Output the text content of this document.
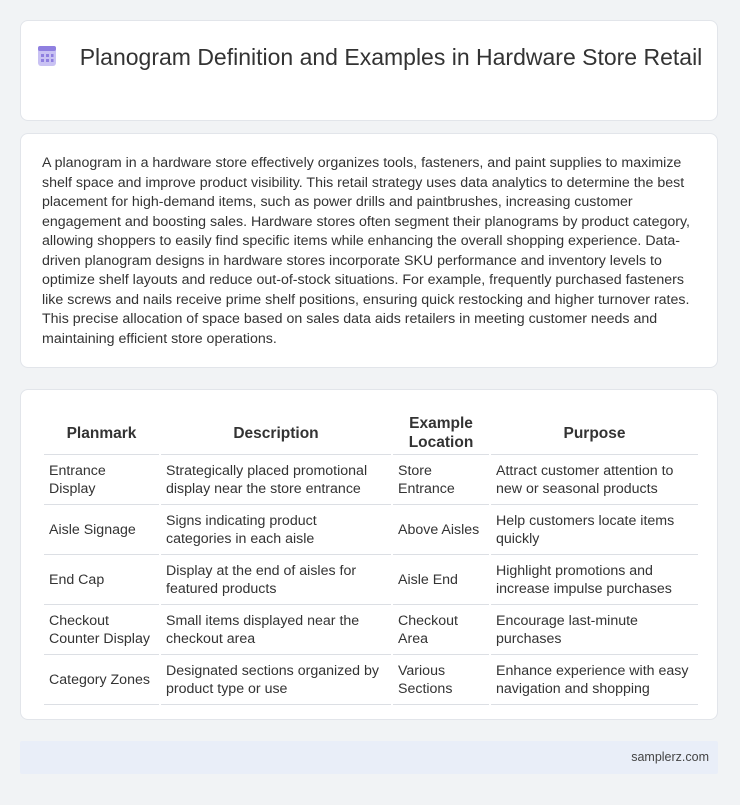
Planogram Definition and Examples in Hardware Store Retail

A planogram in a hardware store effectively organizes tools, fasteners, and paint supplies to maximize shelf space and improve product visibility. This retail strategy uses data analytics to determine the best placement for high-demand items, such as power drills and paintbrushes, increasing customer engagement and boosting sales. Hardware stores often segment their planograms by product category, allowing shoppers to easily find specific items while enhancing the overall shopping experience. Data-driven planogram designs in hardware stores incorporate SKU performance and inventory levels to optimize shelf layouts and reduce out-of-stock situations. For example, frequently purchased fasteners like screws and nails receive prime shelf positions, ensuring quick restocking and higher turnover rates. This precise allocation of space based on sales data aids retailers in meeting customer needs and maintaining efficient store operations.

Planmark	Description	Example Location	Purpose
Entrance Display	Strategically placed promotional display near the store entrance	Store Entrance	Attract customer attention to new or seasonal products
Aisle Signage	Signs indicating product categories in each aisle	Above Aisles	Help customers locate items quickly
End Cap	Display at the end of aisles for featured products	Aisle End	Highlight promotions and increase impulse purchases
Checkout Counter Display	Small items displayed near the checkout area	Checkout Area	Encourage last-minute purchases
Category Zones	Designated sections organized by product type or use	Various Sections	Enhance experience with easy navigation and shopping
samplerz.com
